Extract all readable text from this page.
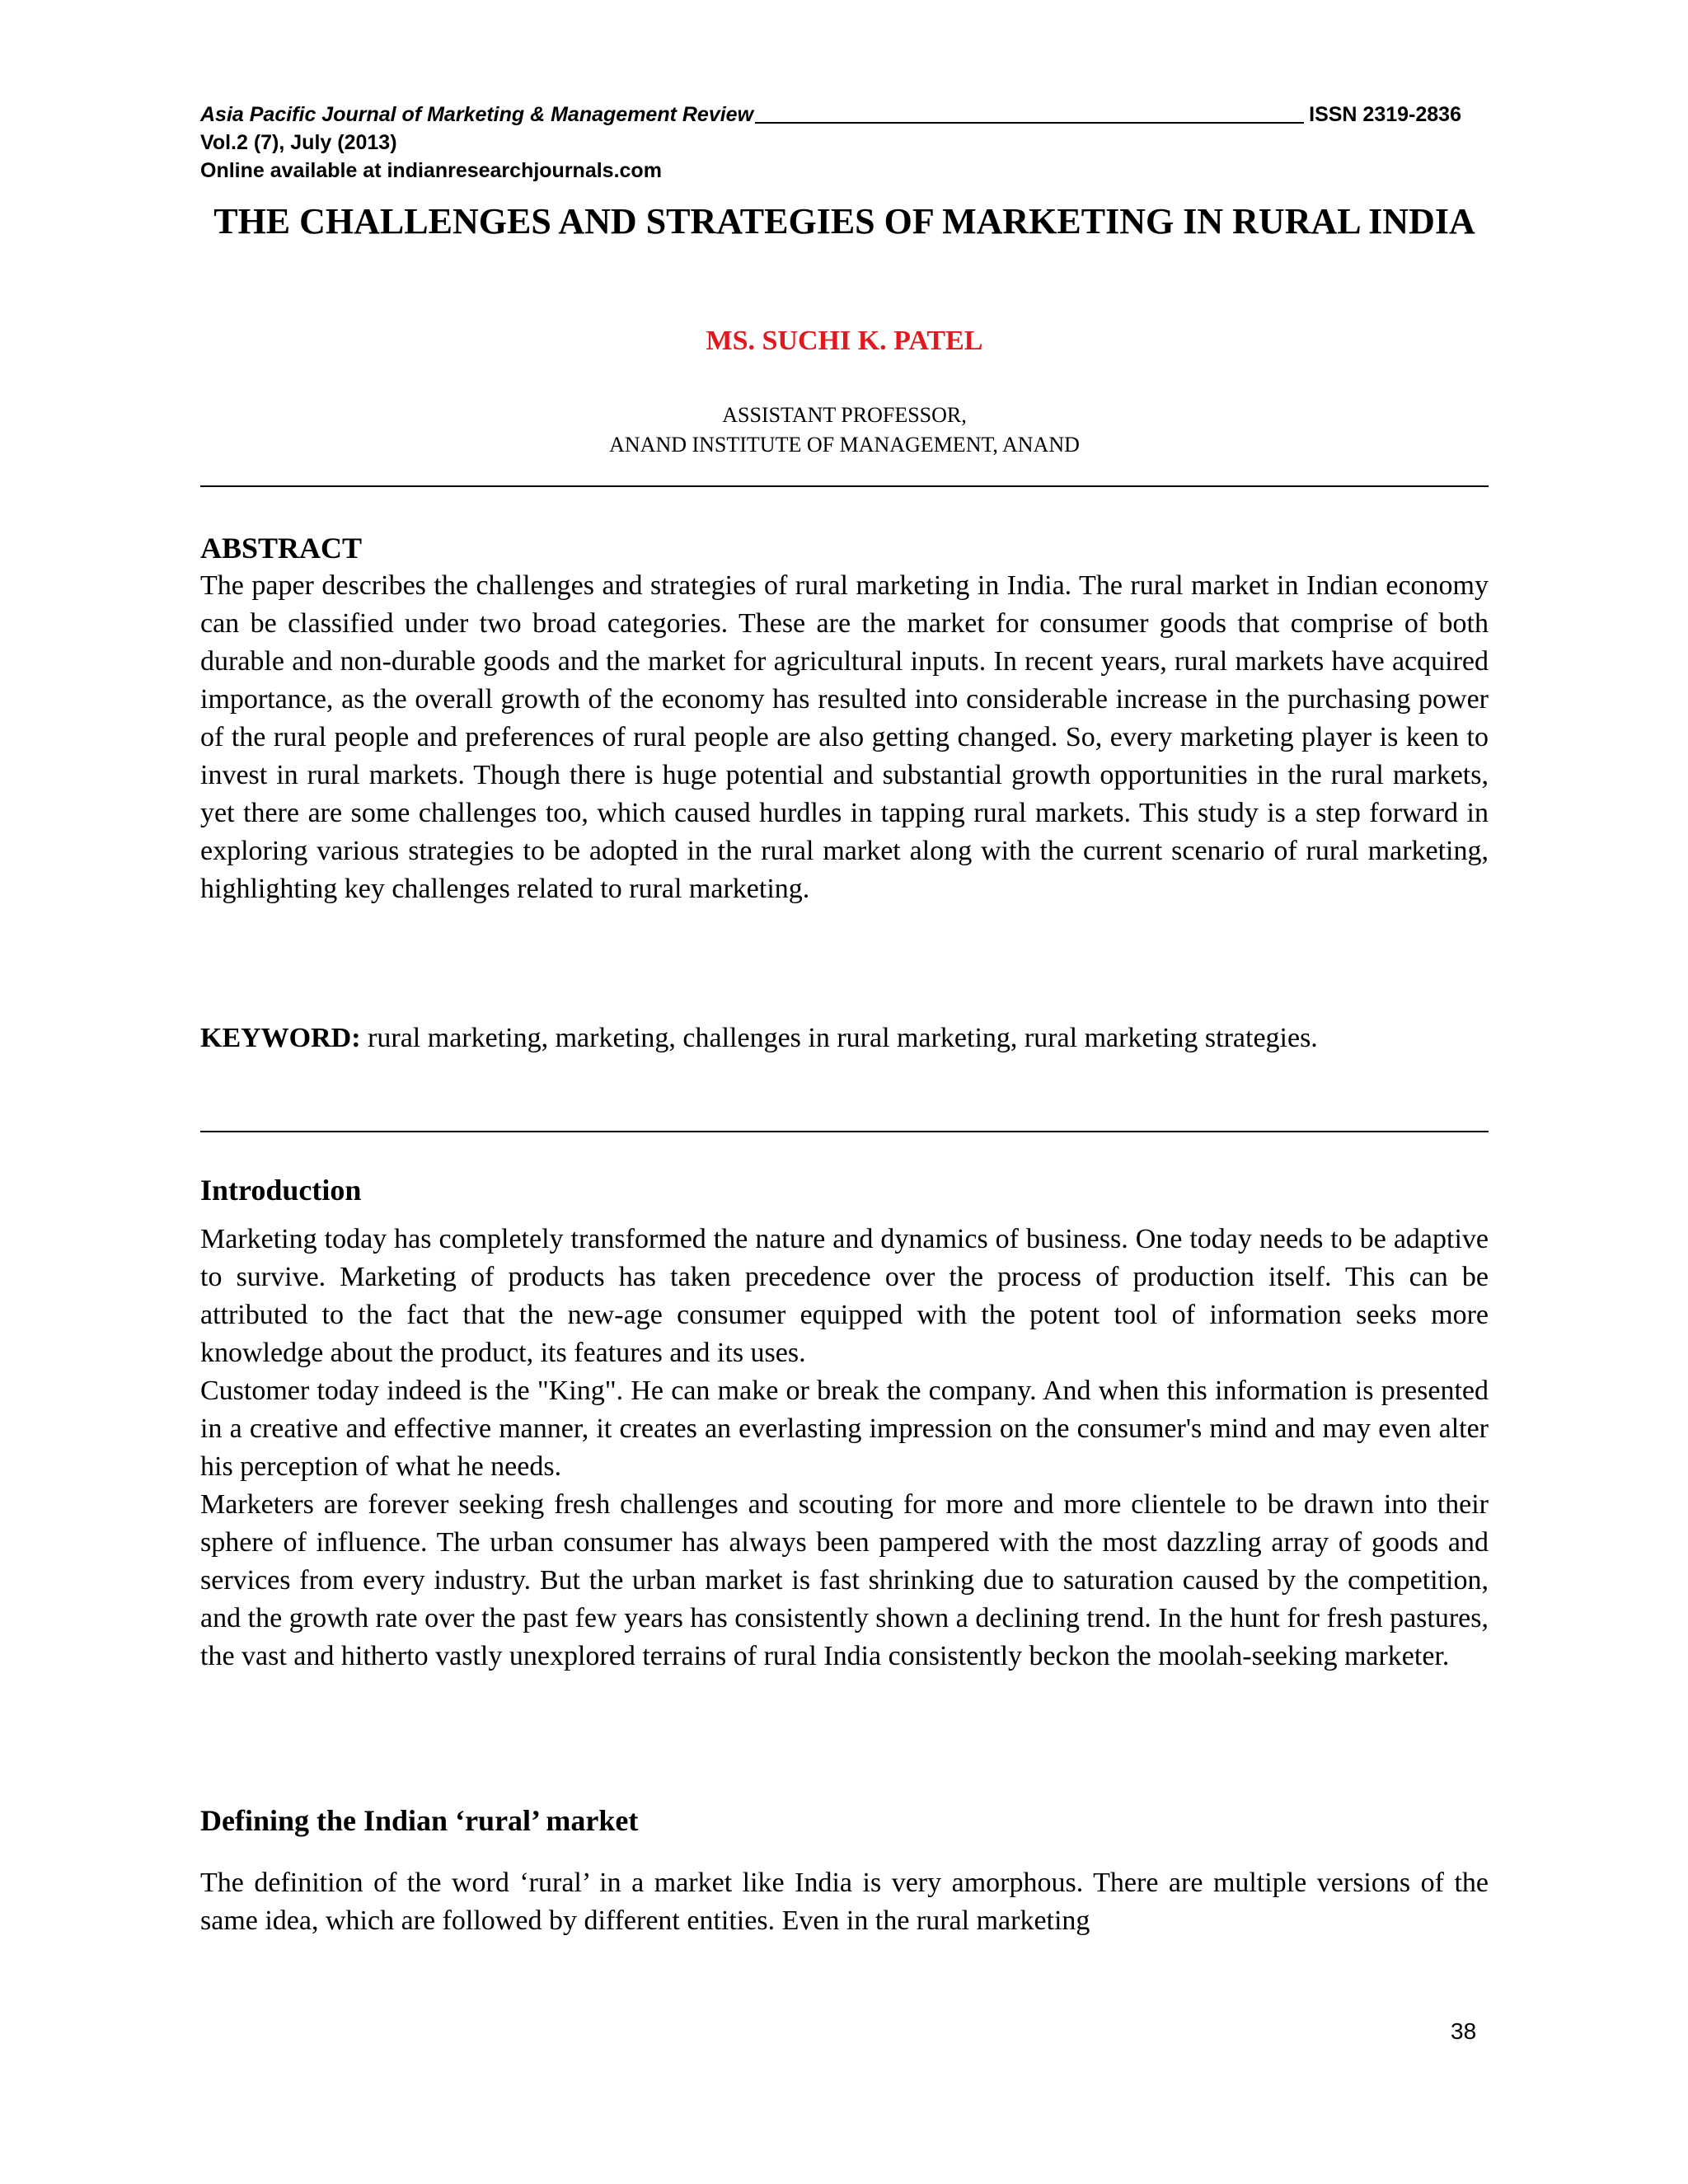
Asia Pacific Journal of Marketing & Management Review	ISSN 2319-2836
Vol.2 (7), July (2013)
Online available at indianresearchjournals.com
THE CHALLENGES AND STRATEGIES OF MARKETING IN RURAL INDIA
MS. SUCHI K. PATEL
ASSISTANT PROFESSOR,
ANAND INSTITUTE OF MANAGEMENT, ANAND
ABSTRACT

The paper describes the challenges and strategies of rural marketing in India. The rural market in Indian economy can be classified under two broad categories. These are the market for consumer goods that comprise of both durable and non-durable goods and the market for agricultural inputs. In recent years, rural markets have acquired importance, as the overall growth of the economy has resulted into considerable increase in the purchasing power of the rural people and preferences of rural people are also getting changed. So, every marketing player is keen to invest in rural markets. Though there is huge potential and substantial growth opportunities in the rural markets, yet there are some challenges too, which caused hurdles in tapping rural markets. This study is a step forward in exploring various strategies to be adopted in the rural market along with the current scenario of rural marketing, highlighting key challenges related to rural marketing.

KEYWORD: rural marketing, marketing, challenges in rural marketing, rural marketing strategies.

Introduction

Marketing today has completely transformed the nature and dynamics of business. One today needs to be adaptive to survive. Marketing of products has taken precedence over the process of production itself. This can be attributed to the fact that the new-age consumer equipped with the potent tool of information seeks more knowledge about the product, its features and its uses.

Customer today indeed is the "King". He can make or break the company. And when this information is presented in a creative and effective manner, it creates an everlasting impression on the consumer's mind and may even alter his perception of what he needs.

Marketers are forever seeking fresh challenges and scouting for more and more clientele to be drawn into their sphere of influence. The urban consumer has always been pampered with the most dazzling array of goods and services from every industry. But the urban market is fast shrinking due to saturation caused by the competition, and the growth rate over the past few years has consistently shown a declining trend. In the hunt for fresh pastures, the vast and hitherto vastly unexplored terrains of rural India consistently beckon the moolah-seeking marketer.

Defining the Indian ‘rural’ market

The definition of the word ‘rural’ in a market like India is very amorphous. There are multiple versions of the same idea, which are followed by different entities. Even in the rural marketing

38
